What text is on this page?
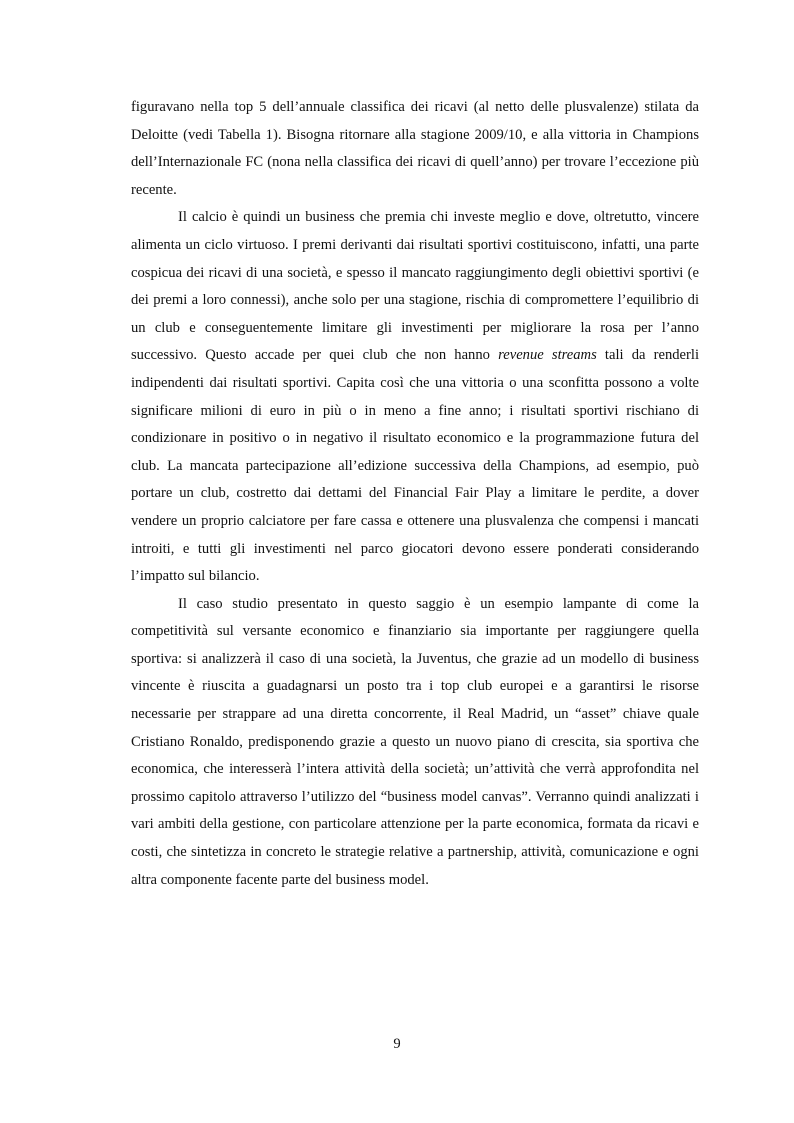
figuravano nella top 5 dell’annuale classifica dei ricavi (al netto delle plusvalenze) stilata da Deloitte (vedi Tabella 1). Bisogna ritornare alla stagione 2009/10, e alla vittoria in Champions dell’Internazionale FC (nona nella classifica dei ricavi di quell’anno) per trovare l’eccezione più recente.

Il calcio è quindi un business che premia chi investe meglio e dove, oltretutto, vincere alimenta un ciclo virtuoso. I premi derivanti dai risultati sportivi costituiscono, infatti, una parte cospicua dei ricavi di una società, e spesso il mancato raggiungimento degli obiettivi sportivi (e dei premi a loro connessi), anche solo per una stagione, rischia di compromettere l’equilibrio di un club e conseguentemente limitare gli investimenti per migliorare la rosa per l’anno successivo. Questo accade per quei club che non hanno revenue streams tali da renderli indipendenti dai risultati sportivi. Capita così che una vittoria o una sconfitta possono a volte significare milioni di euro in più o in meno a fine anno; i risultati sportivi rischiano di condizionare in positivo o in negativo il risultato economico e la programmazione futura del club. La mancata partecipazione all’edizione successiva della Champions, ad esempio, può portare un club, costretto dai dettami del Financial Fair Play a limitare le perdite, a dover vendere un proprio calciatore per fare cassa e ottenere una plusvalenza che compensi i mancati introiti, e tutti gli investimenti nel parco giocatori devono essere ponderati considerando l’impatto sul bilancio.

Il caso studio presentato in questo saggio è un esempio lampante di come la competitività sul versante economico e finanziario sia importante per raggiungere quella sportiva: si analizzerà il caso di una società, la Juventus, che grazie ad un modello di business vincente è riuscita a guadagnarsi un posto tra i top club europei e a garantirsi le risorse necessarie per strappare ad una diretta concorrente, il Real Madrid, un “asset” chiave quale Cristiano Ronaldo, predisponendo grazie a questo un nuovo piano di crescita, sia sportiva che economica, che interesserà l’intera attività della società; un’attività che verrà approfondita nel prossimo capitolo attraverso l’utilizzo del “business model canvas”. Verranno quindi analizzati i vari ambiti della gestione, con particolare attenzione per la parte economica, formata da ricavi e costi, che sintetizza in concreto le strategie relative a partnership, attività, comunicazione e ogni altra componente facente parte del business model.

9
